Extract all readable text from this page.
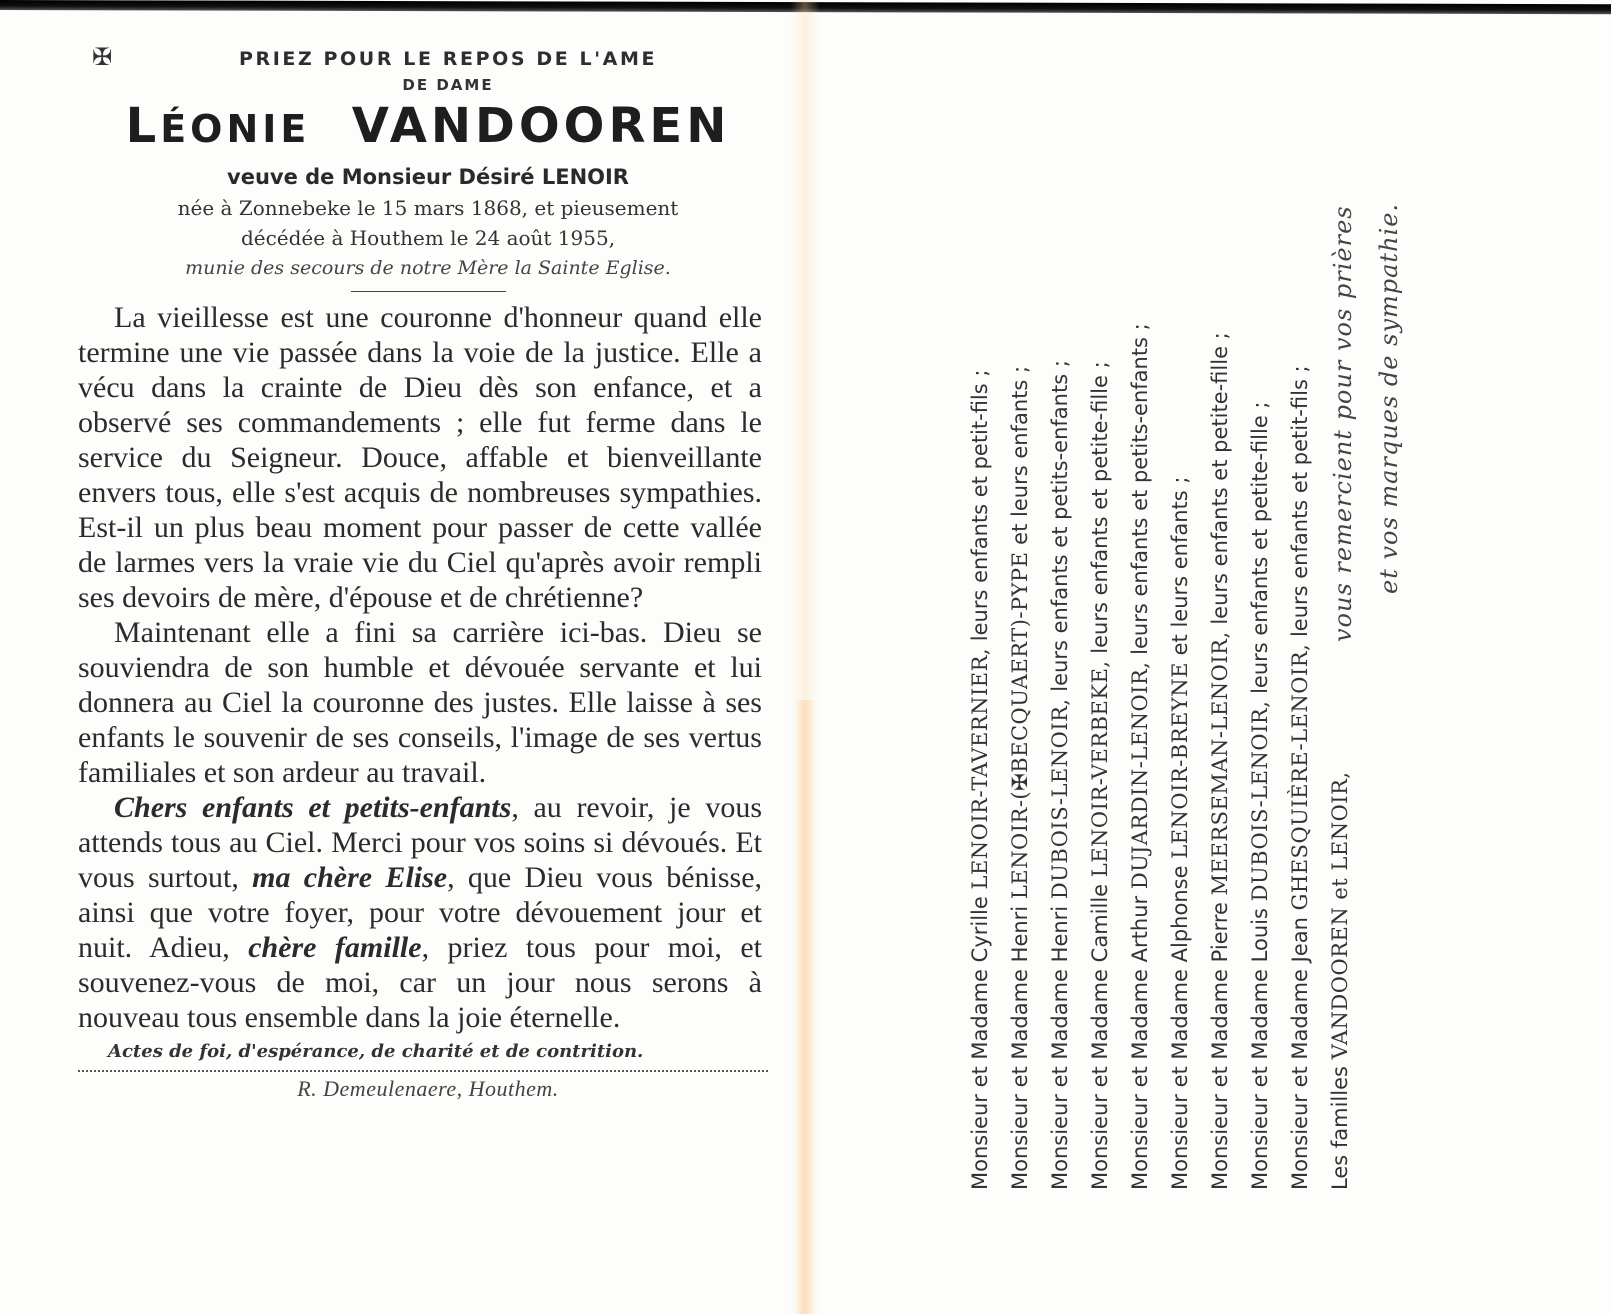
✠	PRIEZ POUR LE REPOS DE L'AME
DE DAME
LÉONIE VANDOOREN
veuve de Monsieur Désiré LENOIR
née à Zonnebeke le 15 mars 1868, et pieusement
décédée à Houthem le 24 août 1955,
munie des secours de notre Mère la Sainte Eglise.

La vieillesse est une couronne d'honneur quand elle termine une vie passée dans la voie de la justice. Elle a vécu dans la crainte de Dieu dès son enfance, et a observé ses commandements ; elle fut ferme dans le service du Seigneur. Douce, affable et bienveillante envers tous, elle s'est acquis de nombreuses sympathies. Est-il un plus beau moment pour passer de cette vallée de larmes vers la vraie vie du Ciel qu'après avoir rempli ses devoirs de mère, d'épouse et de chrétienne?

Maintenant elle a fini sa carrière ici-bas. Dieu se souviendra de son humble et dévouée servante et lui donnera au Ciel la couronne des justes. Elle laisse à ses enfants le souvenir de ses conseils, l'image de ses vertus familiales et son ardeur au travail.

Chers enfants et petits-enfants, au revoir, je vous attends tous au Ciel. Merci pour vos soins si dévoués. Et vous surtout, ma chère Elise, que Dieu vous bénisse, ainsi que votre foyer, pour votre dévouement jour et nuit. Adieu, chère famille, priez tous pour moi, et souvenez-vous de moi, car un jour nous serons à nouveau tous ensemble dans la joie éternelle.

Actes de foi, d'espérance, de charité et de contrition.
R. Demeulenaere, Houthem.	Monsieur et Madame Cyrille LENOIR-TAVERNIER, leurs enfants et petit-fils ;
Monsieur et Madame Henri LENOIR-(✠BECQUAERT)-PYPE et leurs enfants ;
Monsieur et Madame Henri DUBOIS-LENOIR, leurs enfants et petits-enfants ;
Monsieur et Madame Camille LENOIR-VERBEKE, leurs enfants et petite-fille ;
Monsieur et Madame Arthur DUJARDIN-LENOIR, leurs enfants et petits-enfants ;
Monsieur et Madame Alphonse LENOIR-BREYNE et leurs enfants ;
Monsieur et Madame Pierre MEERSEMAN-LENOIR, leurs enfants et petite-fille ;
Monsieur et Madame Louis DUBOIS-LENOIR, leurs enfants et petite-fille ;
Monsieur et Madame Jean GHESQUIÈRE-LENOIR, leurs enfants et petit-fils ;
Les familles VANDOOREN et LENOIR,
vous remercient pour vos prières et vos marques de sympathie.
